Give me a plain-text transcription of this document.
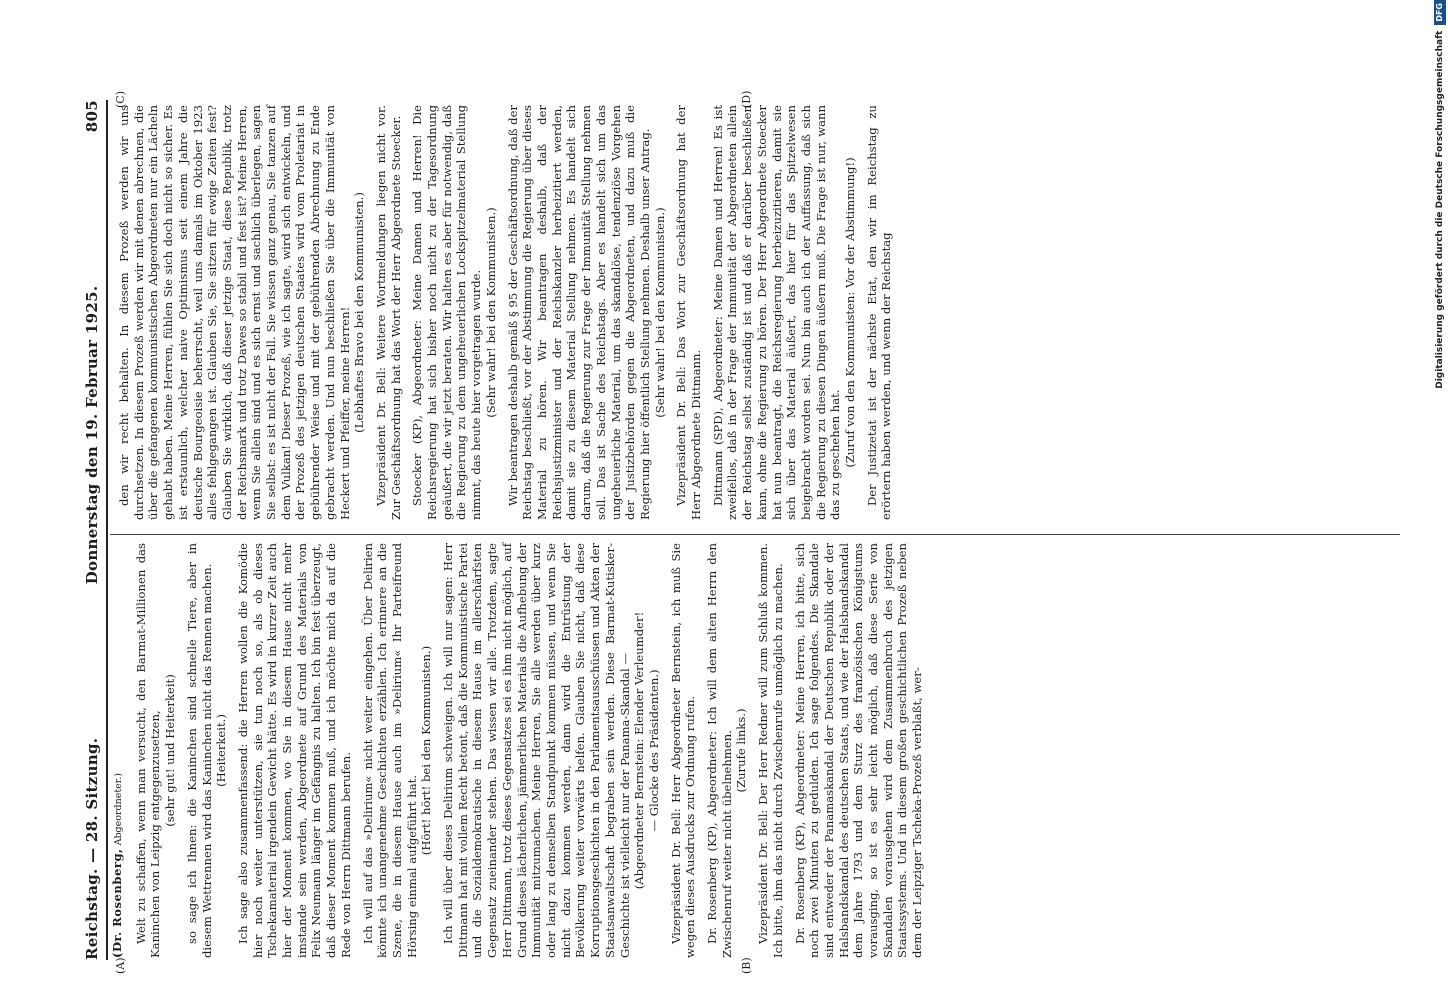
Reichstag. — 28. Sitzung.
Donnerstag den 19. Februar 1925.
805
(A)	(B)
(C)	(D)

(Dr. Rosenberg, Abgeordneter.) Welt zu schaffen, wenn man versucht, den Barmat-Millionen das Kaninchen von Leipzig entgegenzusetzen, (sehr gut! und Heiterkeit) so sage ich Ihnen: die Kaninchen sind schnelle Tiere, aber in diesem Wettrennen wird das Kaninchen nicht das Rennen machen. (Heiterkeit.) Ich sage also zusammenfassend: die Herren wollen die Komödie hier noch weiter unterstützen, sie tun noch so, als ob dieses Tschekamaterial irgendein Gewicht hätte. Es wird in kurzer Zeit auch hier der Moment kommen, wo Sie in diesem Hause nicht mehr imstande sein werden, Abgeordnete auf Grund des Materials von Felix Neumann länger im Gefängnis zu halten. Ich bin fest überzeugt, daß dieser Moment kommen muß, und ich möchte mich da auf die Rede von Herrn Dittmann berufen. Ich will auf das »Delirium« nicht weiter eingehen. Über Delirien könnte ich unangenehme Geschichten erzählen. Ich erinnere an die Szene, die in diesem Hause auch im »Delirium« Ihr Parteifreund Hörsing einmal aufgeführt hat.

(Hört! hört! bei den Kommunisten.) Ich will über dieses Delirium schweigen. Ich will nur sagen: Herr Dittmann hat mit vollem Recht betont, daß die Kommunistische Partei und die Sozialdemokratische in diesem Hause im allerschärfsten Gegensatz zueinander stehen. Das wissen wir alle. Trotzdem, sagte Herr Dittmann, trotz dieses Gegensatzes sei es ihm nicht möglich, auf Grund dieses lächerlichen, jämmerlichen Materials die Aufhebung der Immunität mitzumachen. Meine Herren, Sie alle werden über kurz oder lang zu demselben Standpunkt kommen müssen, und wenn Sie nicht dazu kommen werden, dann wird die Entrüstung der Bevölkerung weiter vorwärts helfen. Glauben Sie nicht, daß diese Korruptionsgeschichten in den Parlamentsausschüssen und Akten der Staatsanwaltschaft begraben sein werden. Diese Barmat-Kutisker-Geschichte ist vielleicht nur der Panama-Skandal — (Abgeordneter Bernstein: Elender Verleumder! — Glocke des Präsidenten.) Vizepräsident Dr. Bell: Herr Abgeordneter Bernstein, ich muß Sie wegen dieses Ausdrucks zur Ordnung rufen. Dr. Rosenberg (KP), Abgeordneter: Ich will dem alten Herrn den Zwischenruf weiter nicht übelnehmen. (Zurufe links.) Vizepräsident Dr. Bell: Der Herr Redner will zum Schluß kommen. Ich bitte, ihm das nicht durch Zwischenrufe unmöglich zu machen. Dr. Rosenberg (KP), Abgeordneter: Meine Herren, ich bitte, sich noch zwei Minuten zu gedulden. Ich sage folgendes. Die Skandale sind entweder der Panamaskandal der Deutschen Republik oder der Halsbandskandal des deutschen Staats, und wie der Halsbandskandal dem Jahre 1793 und dem Sturz des französischen Königstums vorausging, so ist es sehr leicht möglich, daß diese Serie von Skandalen vorausgehen wird dem Zusammenbruch des jetzigen Staatssystems. Und in diesem großen geschichtlichen Prozeß neben dem der Leipziger Tscheka-Prozeß verblaßt, wer-

den wir recht behalten. In diesem Prozeß werden wir uns durchsetzen. In diesem Prozeß werden wir mit denen abrechnen, die über die gefangenen kommunistischen Abgeordneten nur ein Lächeln gehabt haben. Meine Herren, fühlen Sie sich doch nicht so sicher. Es ist erstaunlich, welcher naive Optimismus seit einem Jahre die deutsche Bourgeoisie beherrscht, weil uns damals im Oktober 1923 alles fehlgegangen ist. Glauben Sie, Sie sitzen für ewige Zeiten fest? Glauben Sie wirklich, daß dieser jetzige Staat, diese Republik, trotz der Reichsmark und trotz Dawes so stabil und fest ist? Meine Herren, wenn Sie allein sind und es sich ernst und sachlich überlegen, sagen Sie selbst: es ist nicht der Fall. Sie wissen ganz genau, Sie tanzen auf dem Vulkan! Dieser Prozeß, wie ich sagte, wird sich entwickeln, und der Prozeß des jetzigen deutschen Staates wird vom Proletariat in gebührender Weise und mit der gebührenden Abrechnung zu Ende gebracht werden. Und nun beschließen Sie über die Immunität von Heckert und Pfeiffer, meine Herren! (Lebhaftes Bravo bei den Kommunisten.) Vizepräsident Dr. Bell: Weitere Wortmeldungen liegen nicht vor. Zur Geschäftsordnung hat das Wort der Herr Abgeordnete Stoecker. Stoecker (KP), Abgeordneter: Meine Damen und Herren! Die Reichsregierung hat sich bisher noch nicht zu der Tagesordnung geäußert, die wir jetzt beraten. Wir halten es aber für notwendig, daß die Regierung zu dem ungeheuerlichen Lockspitzelmaterial Stellung nimmt, das heute hier vorgetragen wurde. (Sehr wahr! bei den Kommunisten.) Wir beantragen deshalb gemäß § 95 der Geschäftsordnung, daß der Reichstag beschließt, vor der Abstimmung die Regierung über dieses Material zu hören. Wir beantragen deshalb, daß der Reichsjustizminister und der Reichskanzler herbeizitiert werden, damit sie zu diesem Material Stellung nehmen. Es handelt sich darum, daß die Regierung zur Frage der Immunität Stellung nehmen soll. Das ist Sache des Reichstags. Aber es handelt sich um das ungeheuerliche Material, um das skandalöse, tendenziöse Vorgehen der Justizbehörden gegen die Abgeordneten, und dazu muß die Regierung hier öffentlich Stellung nehmen. Deshalb unser Antrag. (Sehr wahr! bei den Kommunisten.) Vizepräsident Dr. Bell: Das Wort zur Geschäftsordnung hat der Herr Abgeordnete Dittmann. Dittmann (SPD), Abgeordneter: Meine Damen und Herren! Es ist zweifellos, daß in der Frage der Immunität der Abgeordneten allein der Reichstag selbst zuständig ist und daß er darüber beschließen kann, ohne die Regierung zu hören. Der Herr Abgeordnete Stoecker hat nun beantragt, die Reichsregierung herbeizuzitieren, damit sie sich über das Material äußert, das hier für das Spitzelwesen beigebracht worden sei. Nun bin auch ich der Auffassung, daß sich die Regierung zu diesen Dingen äußern muß. Die Frage ist nur, wann das zu geschehen hat. (Zuruf von den Kommunisten: Vor der Abstimmung!) Der Justizetat ist der nächste Etat, den wir im Reichstag zu erörtern haben werden, und wenn der Reichstag	Digitalisierung gefördert durch die Deutsche Forschungsgemeinschaft
DFG
